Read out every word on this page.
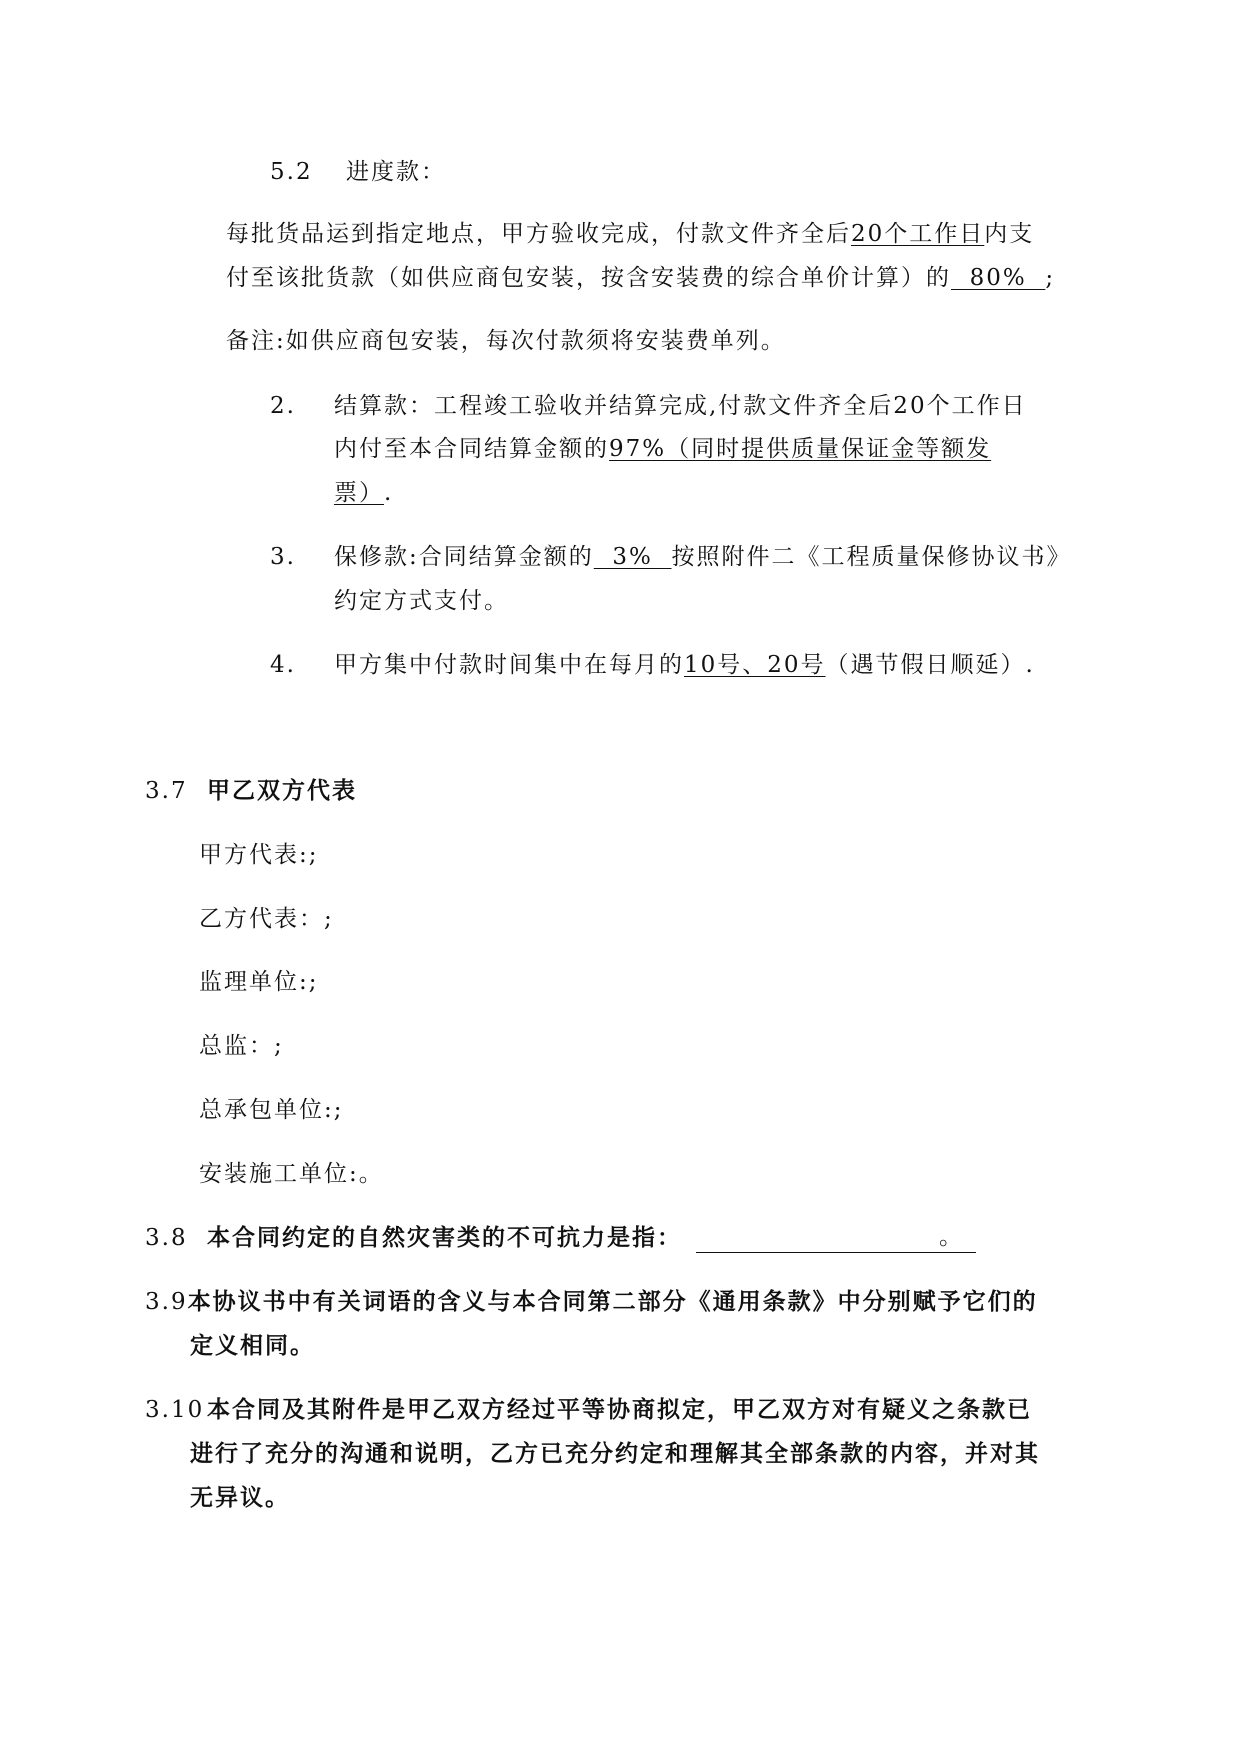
5.2 进度款：
每批货品运到指定地点，甲方验收完成，付款文件齐全后20个工作日内支
付至该批货款（如供应商包安装，按含安装费的综合单价计算）的  80%  ;
备注:如供应商包安装，每次付款须将安装费单列。
2. 结算款：工程竣工验收并结算完成,付款文件齐全后20个工作日
内付至本合同结算金额的97%（同时提供质量保证金等额发
票）.
3. 保修款:合同结算金额的  3%  按照附件二《工程质量保修协议书》
约定方式支付。
4. 甲方集中付款时间集中在每月的10号、20号（遇节假日顺延）.
3.7 甲乙双方代表
甲方代表:;
乙方代表：;
监理单位:;
总监：;
总承包单位:;
安装施工单位:。
3.8 本合同约定的自然灾害类的不可抗力是指：	。
3.9本协议书中有关词语的含义与本合同第二部分《通用条款》中分别赋予它们的
定义相同。
3.10 本合同及其附件是甲乙双方经过平等协商拟定，甲乙双方对有疑义之条款已
进行了充分的沟通和说明，乙方已充分约定和理解其全部条款的内容，并对其
无异议。
